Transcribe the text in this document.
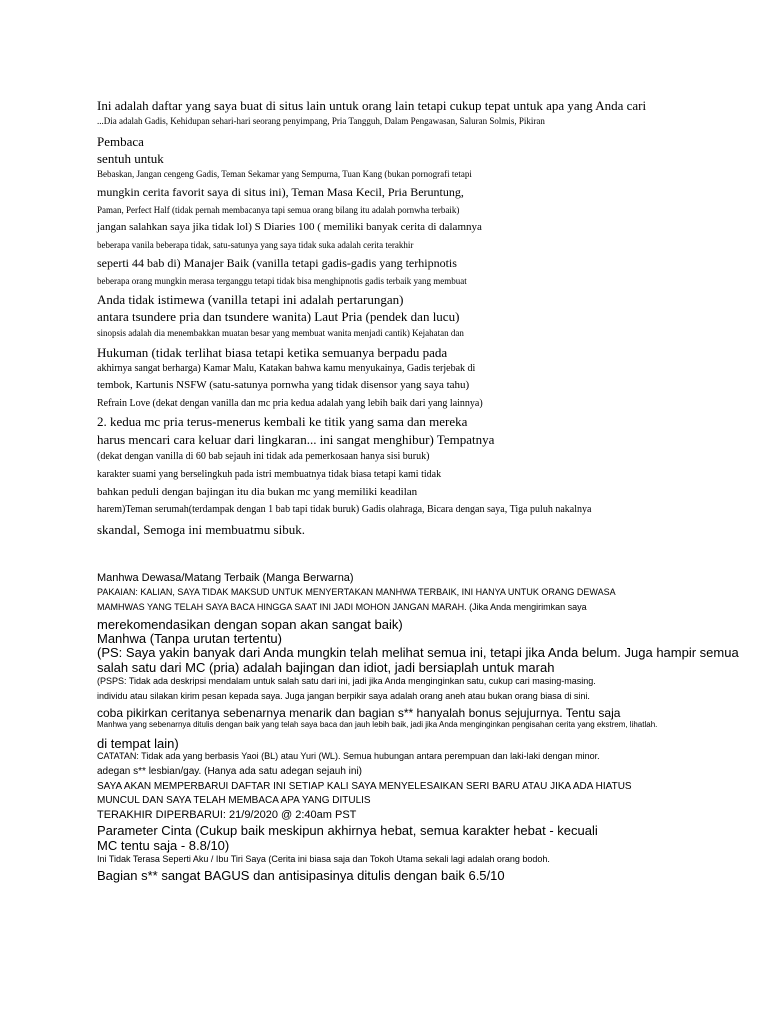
Ini adalah daftar yang saya buat di situs lain untuk orang lain tetapi cukup tepat untuk apa yang Anda cari
...Dia adalah Gadis, Kehidupan sehari-hari seorang penyimpang, Pria Tangguh, Dalam Pengawasan, Saluran Solmis, Pikiran
Pembaca
sentuh untuk
Bebaskan, Jangan cengeng Gadis, Teman Sekamar yang Sempurna, Tuan Kang (bukan pornografi tetapi
mungkin cerita favorit saya di situs ini), Teman Masa Kecil, Pria Beruntung,
Paman, Perfect Half (tidak pernah membacanya tapi semua orang bilang itu adalah pornwha terbaik)
jangan salahkan saya jika tidak lol) S Diaries 100 ( memiliki banyak cerita di dalamnya
beberapa vanila beberapa tidak, satu-satunya yang saya tidak suka adalah cerita terakhir
seperti 44 bab di) Manajer Baik (vanilla tetapi gadis-gadis yang terhipnotis
beberapa orang mungkin merasa terganggu tetapi tidak bisa menghipnotis gadis terbaik yang membuat
Anda tidak istimewa (vanilla tetapi ini adalah pertarungan)
antara tsundere pria dan tsundere wanita) Laut Pria (pendek dan lucu)
sinopsis adalah dia menembakkan muatan besar yang membuat wanita menjadi cantik) Kejahatan dan
Hukuman (tidak terlihat biasa tetapi ketika semuanya berpadu pada
akhirnya sangat berharga) Kamar Malu, Katakan bahwa kamu menyukainya, Gadis terjebak di
tembok, Kartunis NSFW (satu-satunya pornwha yang tidak disensor yang saya tahu)
Refrain Love (dekat dengan vanilla dan mc pria kedua adalah yang lebih baik dari yang lainnya)
2. kedua mc pria terus-menerus kembali ke titik yang sama dan mereka
harus mencari cara keluar dari lingkaran... ini sangat menghibur) Tempatnya
(dekat dengan vanilla di 60 bab sejauh ini tidak ada pemerkosaan hanya sisi buruk)
karakter suami yang berselingkuh pada istri membuatnya tidak biasa tetapi kami tidak
bahkan peduli dengan bajingan itu dia bukan mc yang memiliki keadilan
harem)Teman serumah(terdampak dengan 1 bab tapi tidak buruk) Gadis olahraga, Bicara dengan saya, Tiga puluh nakalnya
skandal, Semoga ini membuatmu sibuk.
Manhwa Dewasa/Matang Terbaik (Manga Berwarna)
PAKAIAN: KALIAN, SAYA TIDAK MAKSUD UNTUK MENYERTAKAN MANHWA TERBAIK, INI HANYA UNTUK ORANG DEWASA
MAMHWAS YANG TELAH SAYA BACA HINGGA SAAT INI JADI MOHON JANGAN MARAH. (Jika Anda mengirimkan saya
merekomendasikan dengan sopan akan sangat baik)
Manhwa (Tanpa urutan tertentu)
(PS: Saya yakin banyak dari Anda mungkin telah melihat semua ini, tetapi jika Anda belum. Juga hampir semua
salah satu dari MC (pria) adalah bajingan dan idiot, jadi bersiaplah untuk marah
(PSPS: Tidak ada deskripsi mendalam untuk salah satu dari ini, jadi jika Anda menginginkan satu, cukup cari masing-masing.
individu atau silakan kirim pesan kepada saya. Juga jangan berpikir saya adalah orang aneh atau bukan orang biasa di sini.
coba pikirkan ceritanya sebenarnya menarik dan bagian s** hanyalah bonus sejujurnya. Tentu saja
Manhwa yang sebenarnya ditulis dengan baik yang telah saya baca dan jauh lebih baik, jadi jika Anda menginginkan pengisahan cerita yang ekstrem, lihatlah.
di tempat lain)
CATATAN: Tidak ada yang berbasis Yaoi (BL) atau Yuri (WL). Semua hubungan antara perempuan dan laki-laki dengan minor.
adegan s** lesbian/gay. (Hanya ada satu adegan sejauh ini)
SAYA AKAN MEMPERBARUI DAFTAR INI SETIAP KALI SAYA MENYELESAIKAN SERI BARU ATAU JIKA ADA HIATUS
MUNCUL DAN SAYA TELAH MEMBACA APA YANG DITULIS
TERAKHIR DIPERBARUI: 21/9/2020 @ 2:40am PST
Parameter Cinta (Cukup baik meskipun akhirnya hebat, semua karakter hebat - kecuali
MC tentu saja - 8.8/10)
Ini Tidak Terasa Seperti Aku / Ibu Tiri Saya (Cerita ini biasa saja dan Tokoh Utama sekali lagi adalah orang bodoh.
Bagian s** sangat BAGUS dan antisipasinya ditulis dengan baik 6.5/10
